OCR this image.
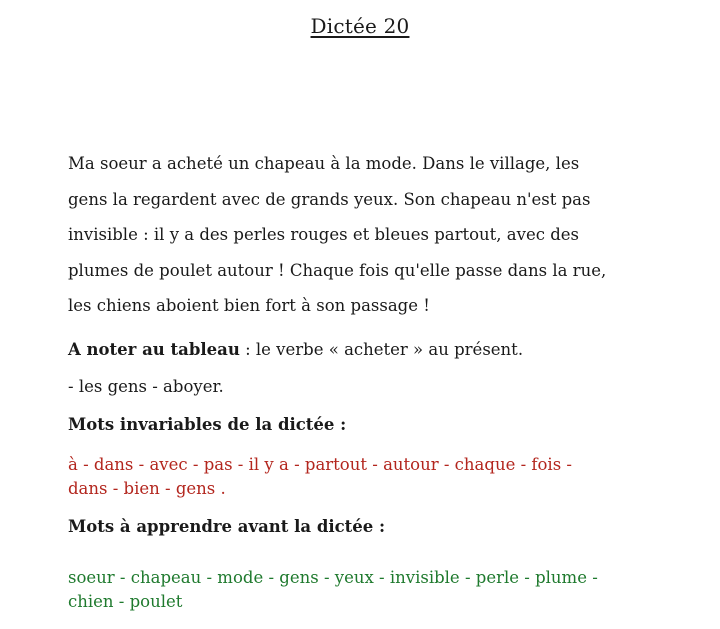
Dictée 20
Ma soeur a acheté un chapeau à la mode. Dans le village, les
gens la regardent avec de grands yeux. Son chapeau n'est pas
invisible : il y a des perles rouges et bleues partout, avec des
plumes de poulet autour ! Chaque fois qu'elle passe dans la rue,
les chiens aboient bien fort à son passage !
A noter au tableau : le verbe « acheter » au présent.
- les gens - aboyer.
Mots invariables de la dictée :
à - dans - avec - pas - il y a - partout - autour - chaque - fois -
dans - bien - gens .
Mots à apprendre avant la dictée :
soeur - chapeau - mode - gens - yeux - invisible - perle - plume -
chien - poulet
